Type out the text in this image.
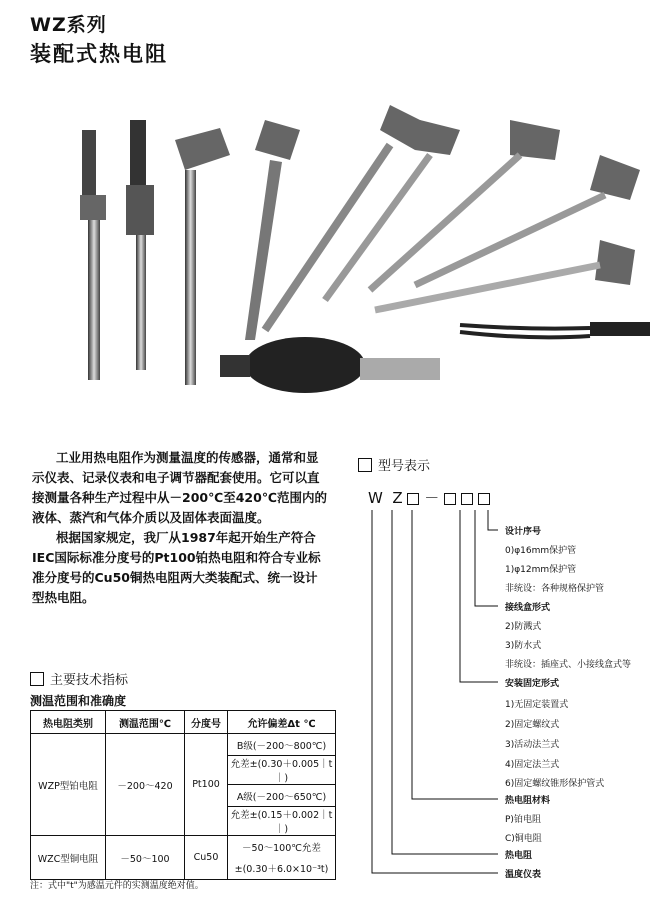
WZ系列
装配式热电阻
工业用热电阻作为测量温度的传感器，通常和显
示仪表、记录仪表和电子调节器配套使用。它可以直
接测量各种生产过程中从－200℃至420℃范围内的
液体、蒸汽和气体介质以及固体表面温度。
根据国家规定，我厂从1987年起开始生产符合
IEC国际标准分度号的Pt100铂热电阻和符合专业标
准分度号的Cu50铜热电阻两大类装配式、统一设计
型热电阻。
主要技术指标
测温范围和准确度
热电阻类别	测温范围℃	分度号	允许偏差Δt ℃
WZP型铂电阻	－200～420	Pt100	B级(－200～800℃)
			允差±(0.30＋0.005｜t｜)
			A级(－200～650℃)
			允差±(0.15＋0.002｜t｜)
WZC型铜电阻	－50～100	Cu50	－50～100℃允差
			±(0.30＋6.0×10⁻³t)
注：式中"t"为感温元件的实测温度绝对值。
型号表示
W Z －
设计序号
0)φ16mm保护管
1)φ12mm保护管
非统设：各种规格保护管
接线盒形式
2)防溅式
3)防水式
非统设：插座式、小接线盒式等
安装固定形式
1)无固定装置式
2)固定螺纹式
3)活动法兰式
4)固定法兰式
6)固定螺纹锥形保护管式
热电阻材料
P)铂电阻
C)铜电阻
热电阻
温度仪表
